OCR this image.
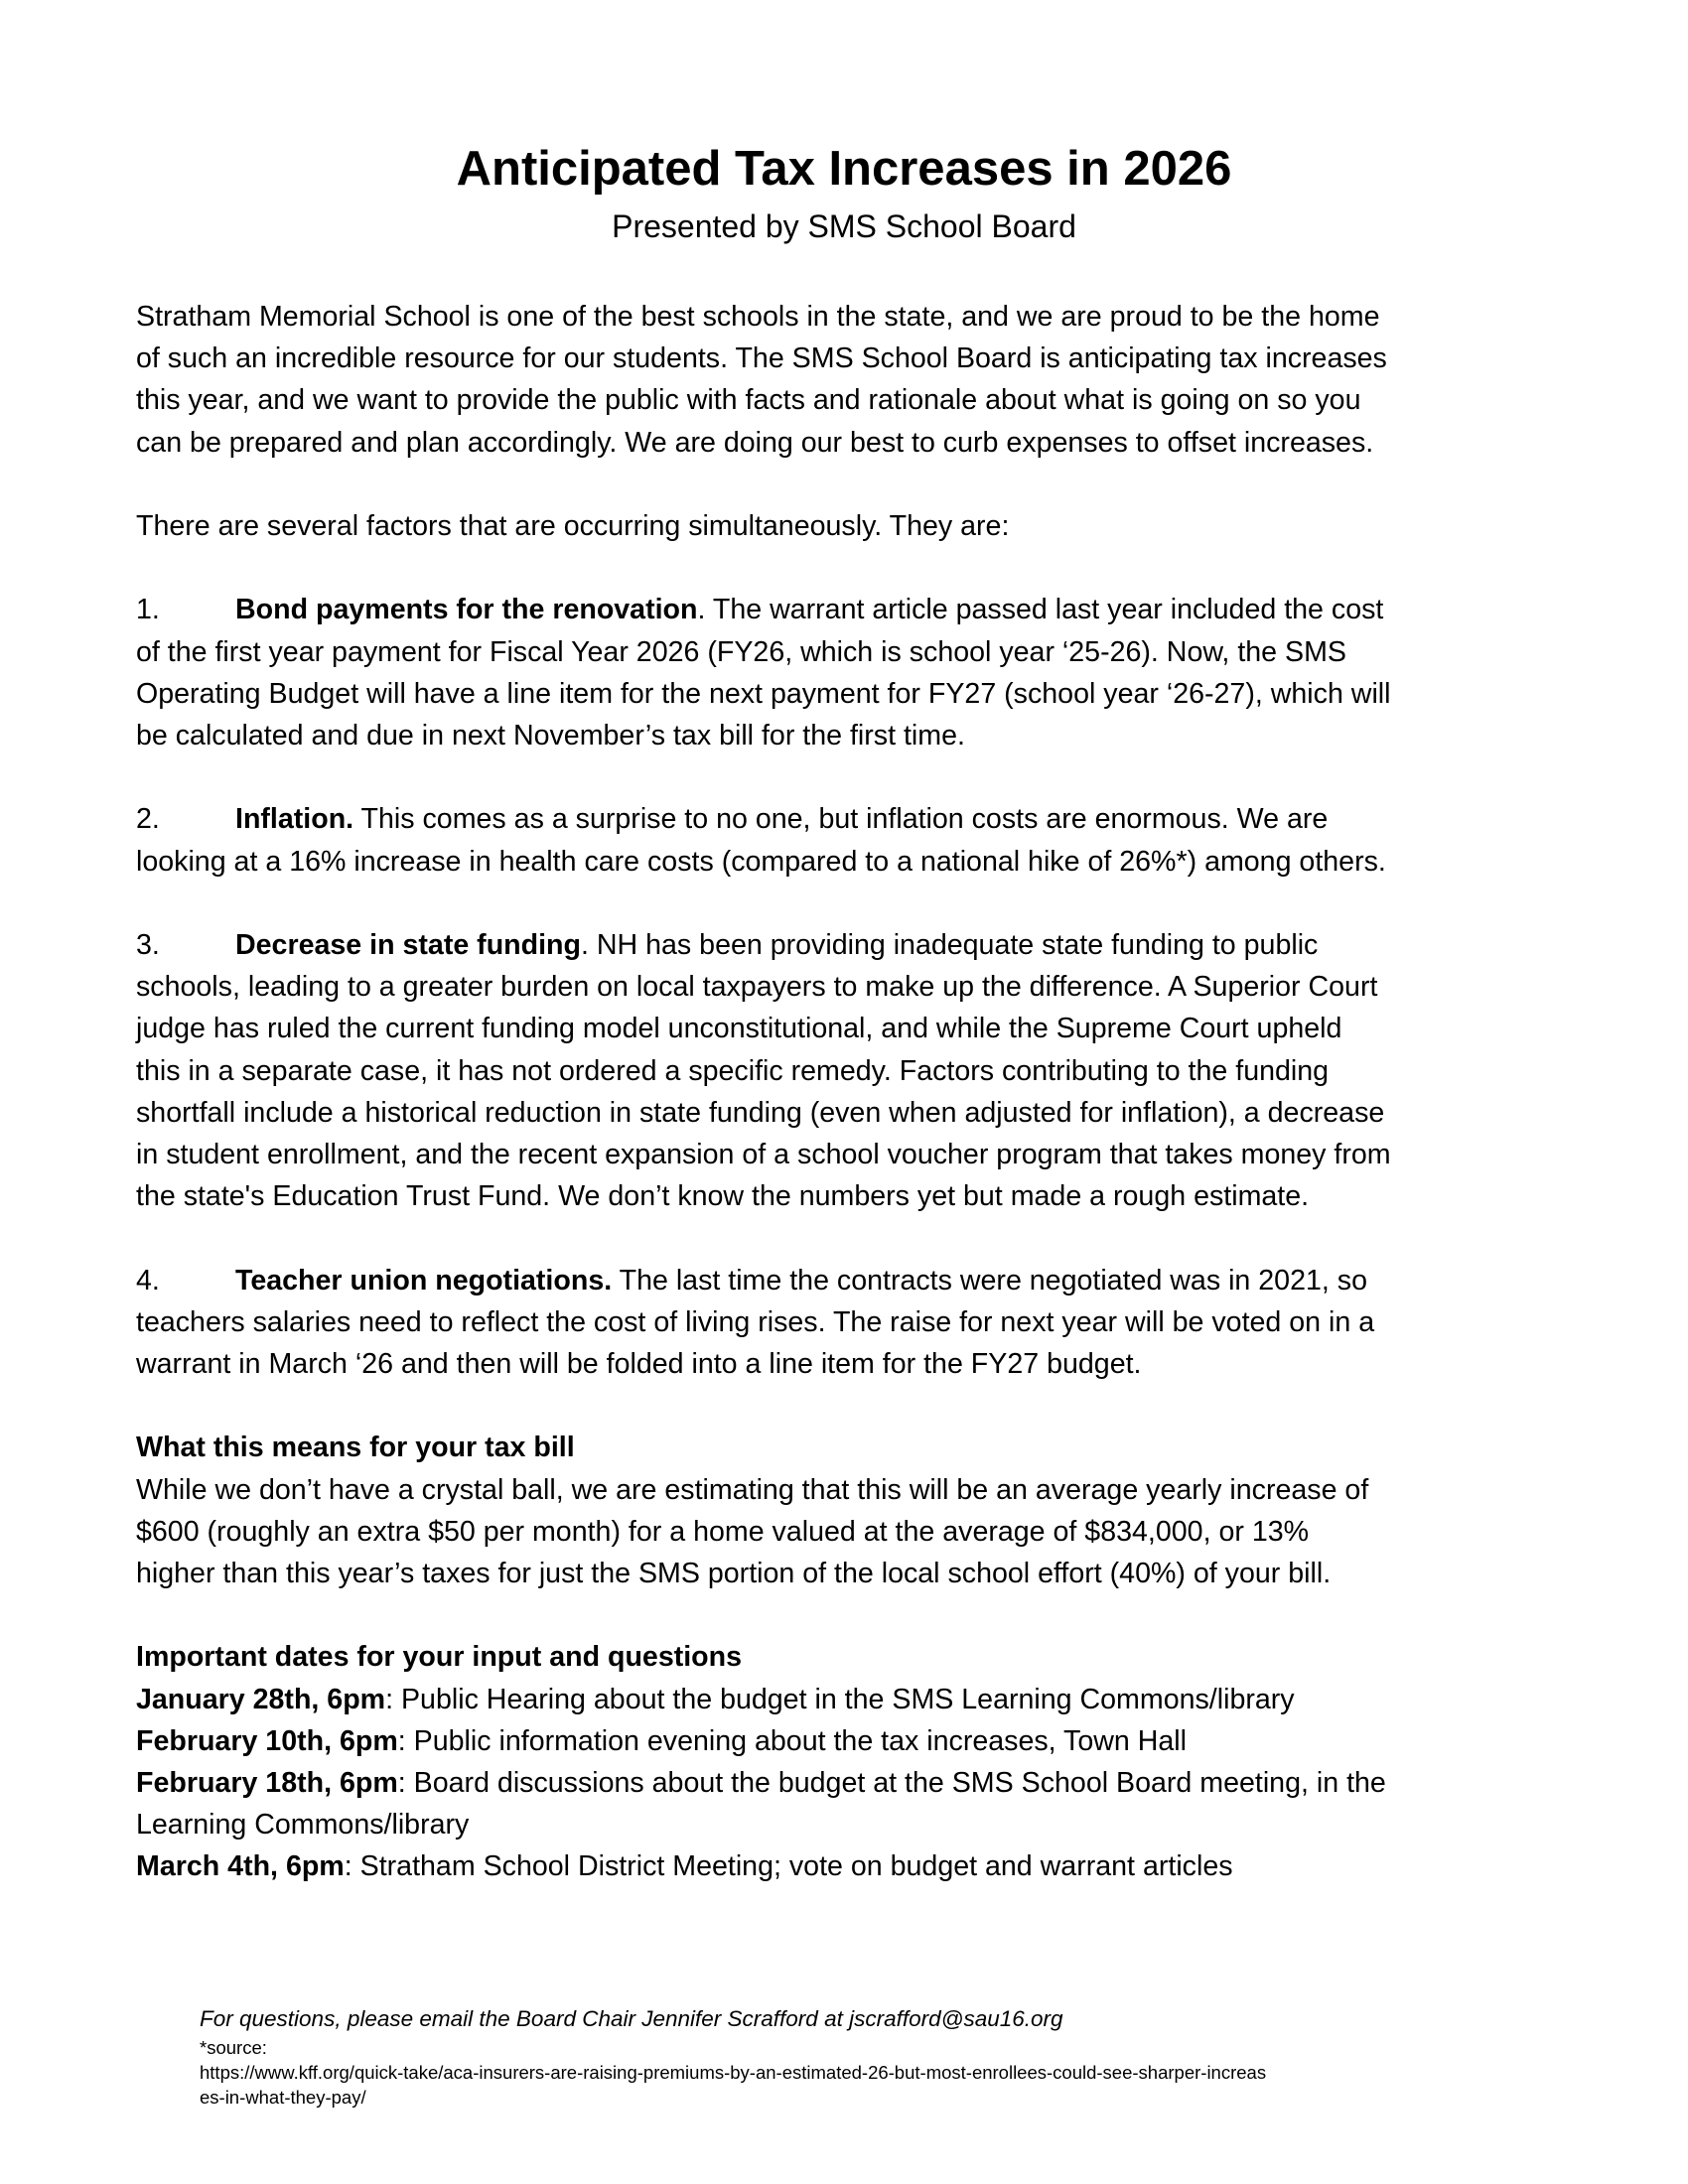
Anticipated Tax Increases in 2026
Presented by SMS School Board

Stratham Memorial School is one of the best schools in the state, and we are proud to be the home

of such an incredible resource for our students. The SMS School Board is anticipating tax increases

this year, and we want to provide the public with facts and rationale about what is going on so you

can be prepared and plan accordingly. We are doing our best to curb expenses to offset increases.

There are several factors that are occurring simultaneously. They are:

1.	Bond payments for the renovation. The warrant article passed last year included the cost

of the first year payment for Fiscal Year 2026 (FY26, which is school year ‘25-26). Now, the SMS

Operating Budget will have a line item for the next payment for FY27 (school year ‘26-27), which will

be calculated and due in next November’s tax bill for the first time.

2.	Inflation. This comes as a surprise to no one, but inflation costs are enormous. We are

looking at a 16% increase in health care costs (compared to a national hike of 26%*) among others.

3.	Decrease in state funding. NH has been providing inadequate state funding to public

schools, leading to a greater burden on local taxpayers to make up the difference. A Superior Court

judge has ruled the current funding model unconstitutional, and while the Supreme Court upheld

this in a separate case, it has not ordered a specific remedy. Factors contributing to the funding

shortfall include a historical reduction in state funding (even when adjusted for inflation), a decrease

in student enrollment, and the recent expansion of a school voucher program that takes money from

the state's Education Trust Fund. We don’t know the numbers yet but made a rough estimate.

4.	Teacher union negotiations. The last time the contracts were negotiated was in 2021, so

teachers salaries need to reflect the cost of living rises. The raise for next year will be voted on in a

warrant in March ‘26 and then will be folded into a line item for the FY27 budget.

What this means for your tax bill

While we don’t have a crystal ball, we are estimating that this will be an average yearly increase of

$600 (roughly an extra $50 per month) for a home valued at the average of $834,000, or 13%

higher than this year’s taxes for just the SMS portion of the local school effort (40%) of your bill.

Important dates for your input and questions

January 28th, 6pm: Public Hearing about the budget in the SMS Learning Commons/library

February 10th, 6pm: Public information evening about the tax increases, Town Hall

February 18th, 6pm: Board discussions about the budget at the SMS School Board meeting, in the

Learning Commons/library

March 4th, 6pm: Stratham School District Meeting; vote on budget and warrant articles

For questions, please email the Board Chair Jennifer Scrafford at jscrafford@sau16.org

*source:

https://www.kff.org/quick-take/aca-insurers-are-raising-premiums-by-an-estimated-26-but-most-enrollees-could-see-sharper-increas

es-in-what-they-pay/
